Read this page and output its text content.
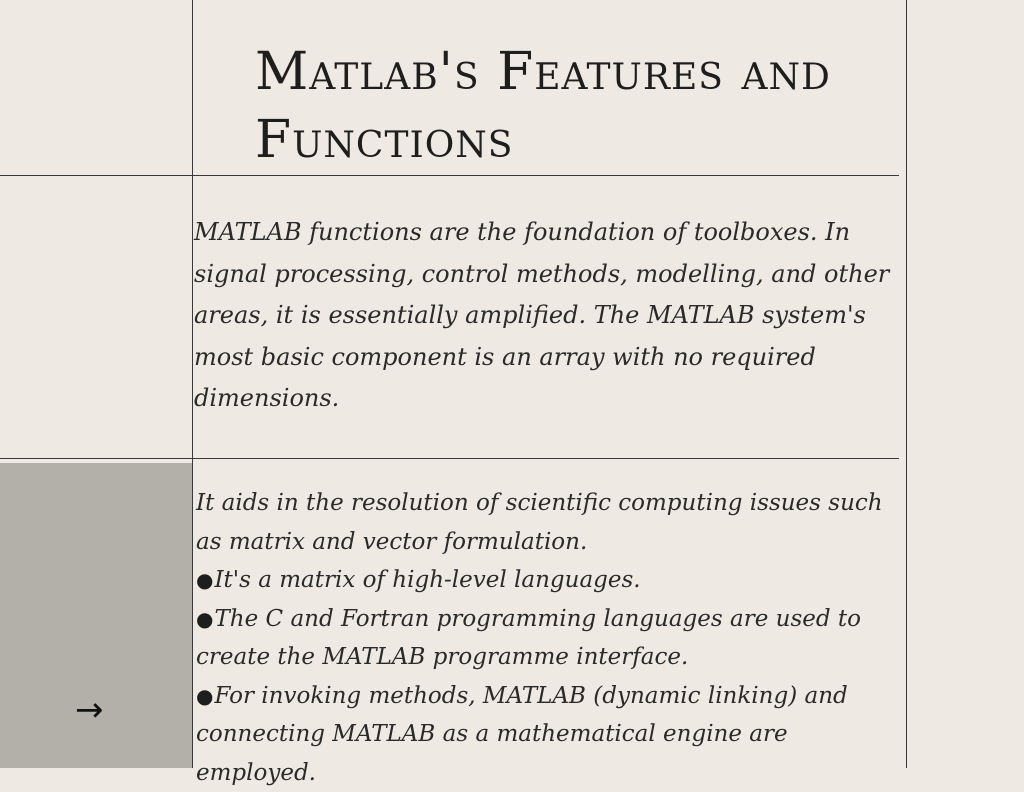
Matlab's Features and Functions

MATLAB functions are the foundation of toolboxes. In signal processing, control methods, modelling, and other areas, it is essentially amplified. The MATLAB system's most basic component is an array with no required dimensions.

It aids in the resolution of scientific computing issues such as matrix and vector formulation.
●It's a matrix of high-level languages.
●The C and Fortran programming languages are used to create the MATLAB programme interface.
●For invoking methods, MATLAB (dynamic linking) and connecting MATLAB as a mathematical engine are employed.
→
